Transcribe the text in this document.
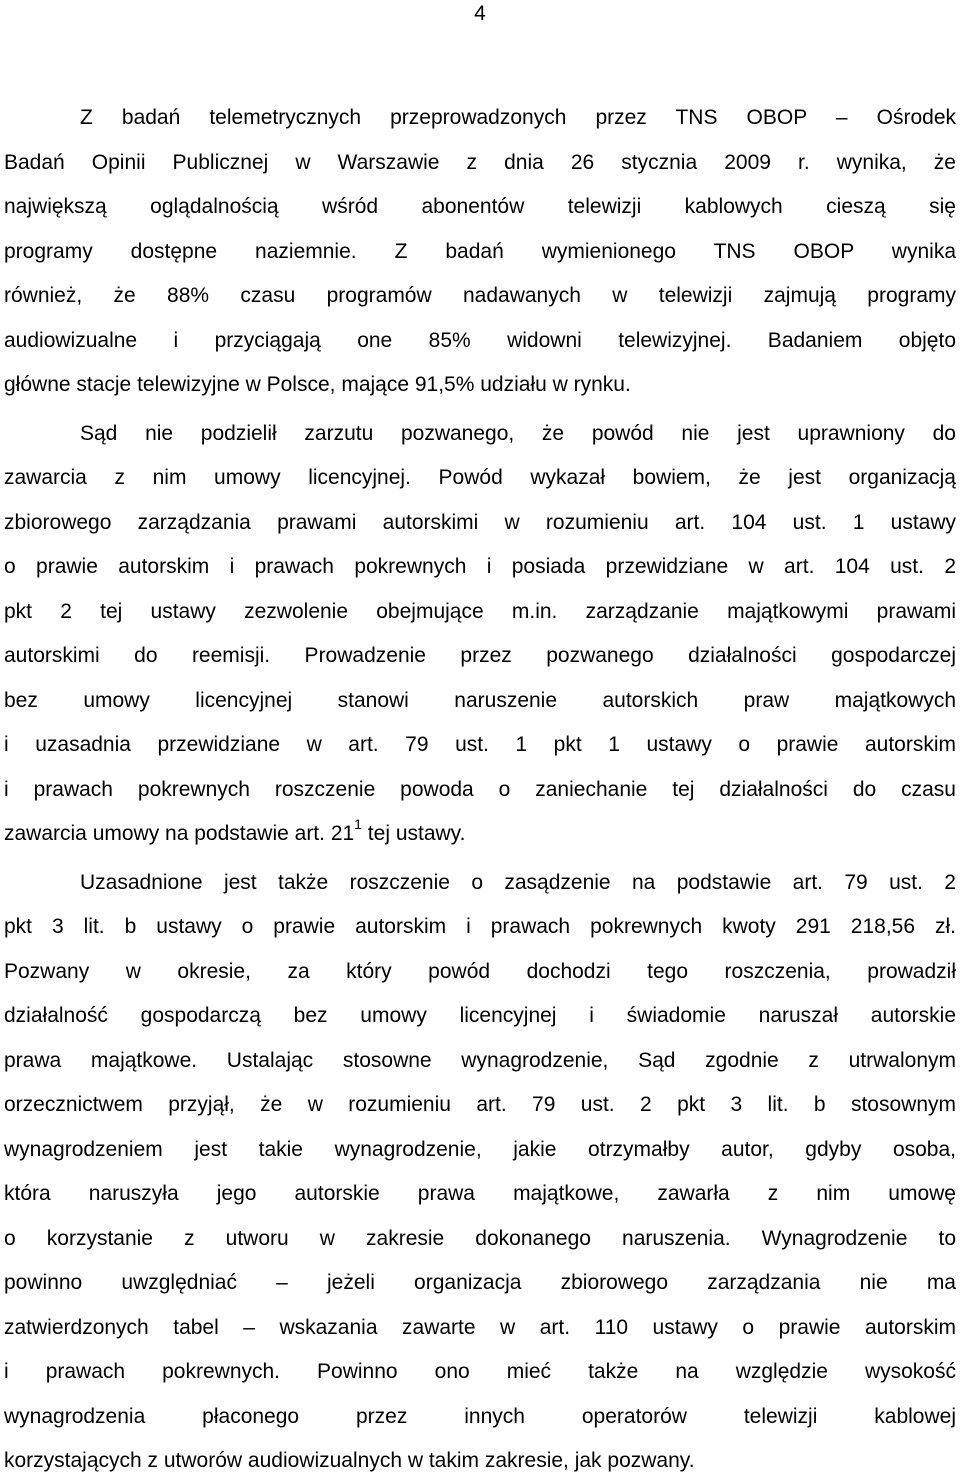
4
Z badań telemetrycznych przeprowadzonych przez TNS OBOP – Ośrodek
Badań Opinii Publicznej w Warszawie z dnia 26 stycznia 2009 r. wynika, że
największą oglądalnością wśród abonentów telewizji kablowych cieszą się
programy dostępne naziemnie. Z badań wymienionego TNS OBOP wynika
również, że 88% czasu programów nadawanych w telewizji zajmują programy
audiowizualne i przyciągają one 85% widowni telewizyjnej. Badaniem objęto
główne stacje telewizyjne w Polsce, mające 91,5% udziału w rynku.
Sąd nie podzielił zarzutu pozwanego, że powód nie jest uprawniony do
zawarcia z nim umowy licencyjnej. Powód wykazał bowiem, że jest organizacją
zbiorowego zarządzania prawami autorskimi w rozumieniu art. 104 ust. 1 ustawy
o prawie autorskim i prawach pokrewnych i posiada przewidziane w art. 104 ust. 2
pkt 2 tej ustawy zezwolenie obejmujące m.in. zarządzanie majątkowymi prawami
autorskimi do reemisji. Prowadzenie przez pozwanego działalności gospodarczej
bez umowy licencyjnej stanowi naruszenie autorskich praw majątkowych
i uzasadnia przewidziane w art. 79 ust. 1 pkt 1 ustawy o prawie autorskim
i prawach pokrewnych roszczenie powoda o zaniechanie tej działalności do czasu
zawarcia umowy na podstawie art. $21^1$ tej ustawy.
Uzasadnione jest także roszczenie o zasądzenie na podstawie art. 79 ust. 2
pkt 3 lit. b ustawy o prawie autorskim i prawach pokrewnych kwoty 291 218,56 zł.
Pozwany w okresie, za który powód dochodzi tego roszczenia, prowadził
działalność gospodarczą bez umowy licencyjnej i świadomie naruszał autorskie
prawa majątkowe. Ustalając stosowne wynagrodzenie, Sąd zgodnie z utrwalonym
orzecznictwem przyjął, że w rozumieniu art. 79 ust. 2 pkt 3 lit. b stosownym
wynagrodzeniem jest takie wynagrodzenie, jakie otrzymałby autor, gdyby osoba,
która naruszyła jego autorskie prawa majątkowe, zawarła z nim umowę
o korzystanie z utworu w zakresie dokonanego naruszenia. Wynagrodzenie to
powinno uwzględniać – jeżeli organizacja zbiorowego zarządzania nie ma
zatwierdzonych tabel – wskazania zawarte w art. 110 ustawy o prawie autorskim
i prawach pokrewnych. Powinno ono mieć także na względzie wysokość
wynagrodzenia płaconego przez innych operatorów telewizji kablowej
korzystających z utworów audiowizualnych w takim zakresie, jak pozwany.
